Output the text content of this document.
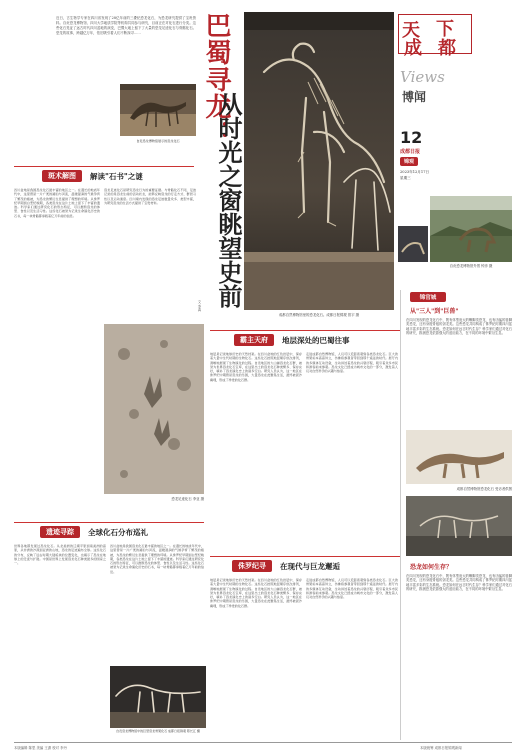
近日，古生物学专家在四川省发现了28亿年前的三叠纪恐龙化石，为恐龙研究提供了宝贵资料。自贡恐龙博物馆、四川大学地质学院等机构共同参与研究，目前正在对化石进行分类。这些化石见证了远古时代四川盆地的演变，巴蜀大地上留下了大量的恐龙足迹化石与骨骼化石。恐龙的故事，跨越亿万年，依旧吸引着人们不断探寻……
自贡恐龙博物馆展示的恐龙化石 巴蜀寻龙：
从时光之窗眺望史前
文 李禹
成都自然博物馆里的恐龙化石。成都日报锦观 曾宇 摄
天 下
成 都
Views
博闻
12
成都日报
锦观
2023年12月17日
星期三
自贡恐龙博物馆外景 钟彦 摄
斑术解图	解读"石书"之谜
四川盆地是我国恐龙化石最丰富的地区之一。在漫长的地质年代中，这里曾是一片广袤的湖泊与河流，温暖湿润的气候孕育了繁茂的植被，为恐龙的繁衍生息提供了理想的环境。从侏罗纪早期到白垩纪晚期，各类恐龙在这片土地上留下了丰富的遗迹。科学家们通过研究化石的形态特征，可以推断恐龙的体型、食性以及生活习性。这些化石被誉为记录生命演化历史的石书，每一块骨骼都承载着亿万年前的信息。
恐龙足迹化石是研究恐龙行为的重要证据。与骨骼化石不同，足迹记录的是恐龙生前的活动状态，能够反映恐龙的行走方式、群居习性以及运动速度。四川境内发现的恐龙足迹数量众多、类型丰富，为研究恐龙的生活方式提供了宝贵材料。
恐龙足迹化石 李亚 摄
霸主天府	地层深处的巴蜀往事
地层是记录地球历史的天然档案。在四川盆地的红色岩层中，保存着大量中生代时期的生物化石。这些化石按照地层顺序依次排列，清晰地展现了生物演化的过程。自贡地区的大山铺恐龙化石群，被誉为世界恐龙化石宝库，在这里出土的恐龙化石种类繁多、保存完好，填补了恐龙演化史上的诸多空白。研究人员认为，这一地区在侏罗纪中期曾是恐龙的乐园，大量恐龙在此聚集生活，最终被泥沙掩埋，形成了珍贵的化石群。
走进成都自然博物馆，人们可以近距离观察各类恐龙化石。巨大的骨架标本高高耸立，仿佛将参观者带回到那个遥远的时代。展厅内的多媒体互动设备，生动讲述着恐龙的兴衰历程，吸引着众多市民和游客前来参观。恐龙文化已经成为城市文化的一部分，激发着人们对自然科学的兴趣与热爱。
遗迹寻踪	全球化石分布巡礼
世界各地都发现过恐龙化石。从北美洲的辽阔平原到南美洲的高原，从非洲的沙漠到亚洲的山地，恐龙的足迹遍布全球。这些化石的分布，反映了远古时期大陆板块的位置变化，也揭示了恐龙在地球上的迁徙与扩散。中国是世界上发现恐龙化石种类最多的国家之一。
四川盆地是我国恐龙化石最丰富的地区之一。在漫长的地质年代中，这里曾是一片广袤的湖泊与河流，温暖湿润的气候孕育了繁茂的植被，为恐龙的繁衍生息提供了理想的环境。从侏罗纪早期到白垩纪晚期，各类恐龙在这片土地上留下了丰富的遗迹。科学家们通过研究化石的形态特征，可以推断恐龙的体型、食性以及生活习性。这些化石被誉为记录生命演化历史的石书，每一块骨骼都承载着亿万年前的信息。
自贡恐龙博物馆中的巨型恐龙骨架化石 成都日报锦观 陈长江 摄
侏罗纪寻	在现代与巨龙邂逅
地层是记录地球历史的天然档案。在四川盆地的红色岩层中，保存着大量中生代时期的生物化石。这些化石按照地层顺序依次排列，清晰地展现了生物演化的过程。自贡地区的大山铺恐龙化石群，被誉为世界恐龙化石宝库，在这里出土的恐龙化石种类繁多、保存完好，填补了恐龙演化史上的诸多空白。研究人员认为，这一地区在侏罗纪中期曾是恐龙的乐园，大量恐龙在此聚集生活，最终被泥沙掩埋，形成了珍贵的化石群。
走进成都自然博物馆，人们可以近距离观察各类恐龙化石。巨大的骨架标本高高耸立，仿佛将参观者带回到那个遥远的时代。展厅内的多媒体互动设备，生动讲述着恐龙的兴衰历程，吸引着众多市民和游客前来参观。恐龙文化已经成为城市文化的一部分，激发着人们对自然科学的兴趣与热爱。
锦官城
从"三人"到"巨兽"
在四川发现的恐龙化石中，既有体型庞大的蜥脚类恐龙，也有凶猛的兽脚类恐龙，还有身披骨板的剑龙类。这些恐龙共同构成了侏罗纪时期四川盆地丰富多彩的生态系统。恐龙如何在远古时代生存？科学家们通过对化石的研究，推测恐龙依靠强大的适应能力，在不同的环境中繁衍生息。
成都自然博物馆恐龙化石 受访者供图
恐龙如何生存？
在四川发现的恐龙化石中，既有体型庞大的蜥脚类恐龙，也有凶猛的兽脚类恐龙，还有身披骨板的剑龙类。这些恐龙共同构成了侏罗纪时期四川盆地丰富多彩的生态系统。恐龙如何在远古时代生存？科学家们通过对化石的研究，推测恐龙依靠强大的适应能力，在不同的环境中繁衍生息。
本版编辑 陈思 美编 王潇 校对 李丹	本版统筹 成都日报锦观新闻
